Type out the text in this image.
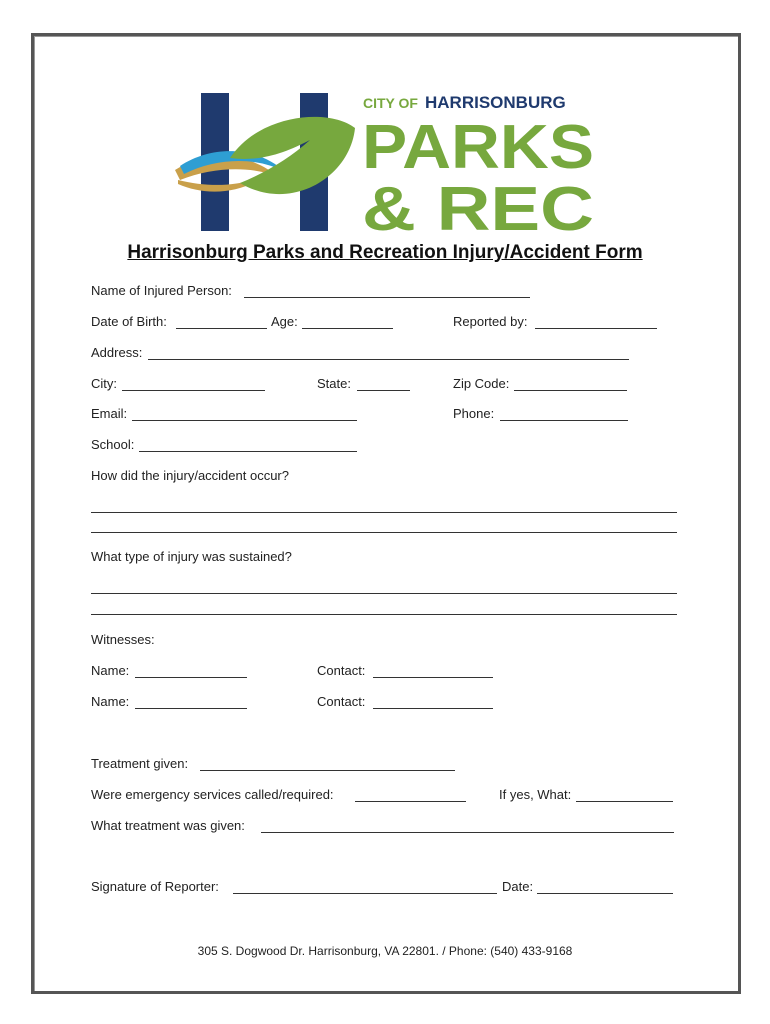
CITY OF HARRISONBURG
PARKS
& REC
Harrisonburg Parks and Recreation Injury/Accident Form
Name of Injured Person:
Date of Birth:	Age:	Reported by:
Address:
City:	State:	Zip Code:
Email:	Phone:
School:
How did the injury/accident occur?
What type of injury was sustained?
Witnesses:
Name:	Contact:
Name:	Contact:
Treatment given:
Were emergency services called/required:	If yes, What:
What treatment was given:
Signature of Reporter:	Date:
305 S. Dogwood Dr. Harrisonburg, VA 22801. / Phone: (540) 433-9168
